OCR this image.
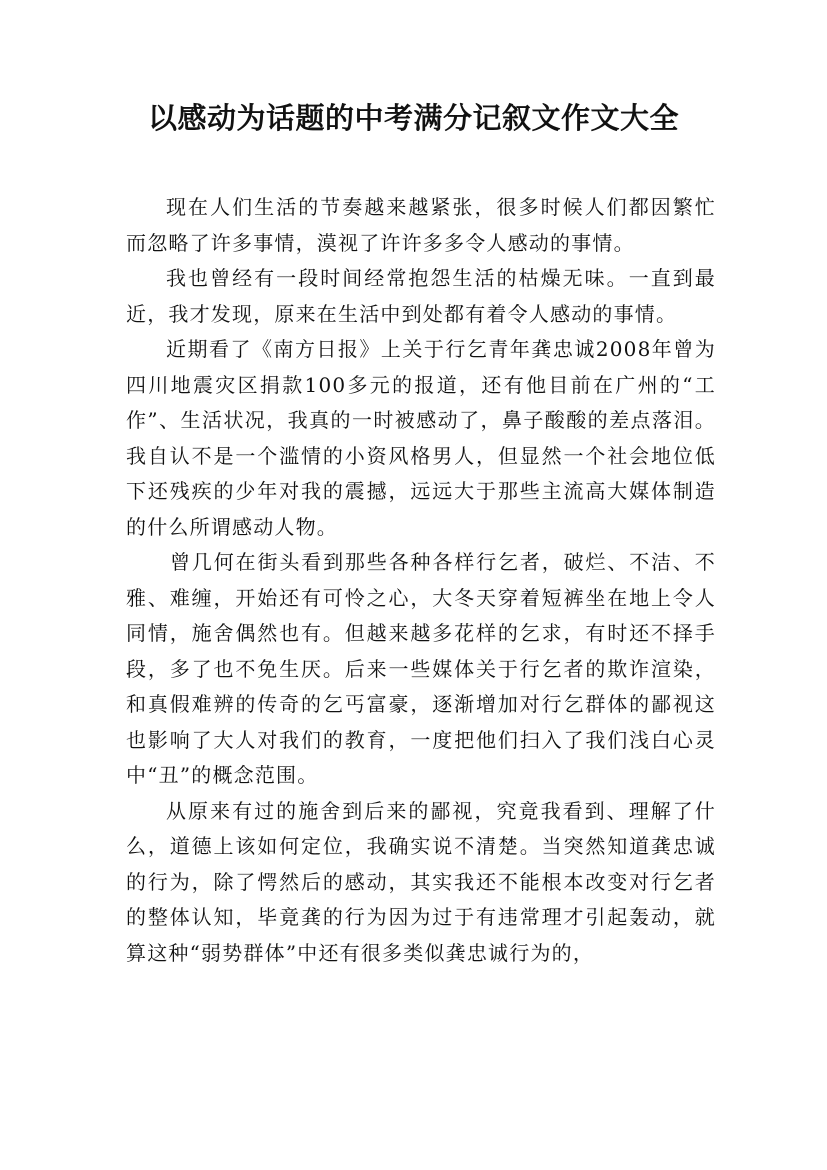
以感动为话题的中考满分记叙文作文大全

现在人们生活的节奏越来越紧张，很多时候人们都因繁忙而忽略了许多事情，漠视了许许多多令人感动的事情。

我也曾经有一段时间经常抱怨生活的枯燥无味。一直到最近，我才发现，原来在生活中到处都有着令人感动的事情。

近期看了《南方日报》上关于行乞青年龚忠诚2008年曾为四川地震灾区捐款100多元的报道，还有他目前在广州的“工作”、生活状况，我真的一时被感动了，鼻子酸酸的差点落泪。我自认不是一个滥情的小资风格男人，但显然一个社会地位低下还残疾的少年对我的震撼，远远大于那些主流高大媒体制造的什么所谓感动人物。

曾几何在街头看到那些各种各样行乞者，破烂、不洁、不雅、难缠，开始还有可怜之心，大冬天穿着短裤坐在地上令人同情，施舍偶然也有。但越来越多花样的乞求，有时还不择手段，多了也不免生厌。后来一些媒体关于行乞者的欺诈渲染，和真假难辨的传奇的乞丐富豪，逐渐增加对行乞群体的鄙视这也影响了大人对我们的教育，一度把他们扫入了我们浅白心灵中“丑”的概念范围。

从原来有过的施舍到后来的鄙视，究竟我看到、理解了什么，道德上该如何定位，我确实说不清楚。当突然知道龚忠诚的行为，除了愕然后的感动，其实我还不能根本改变对行乞者的整体认知，毕竟龚的行为因为过于有违常理才引起轰动，就算这种“弱势群体”中还有很多类似龚忠诚行为的，
